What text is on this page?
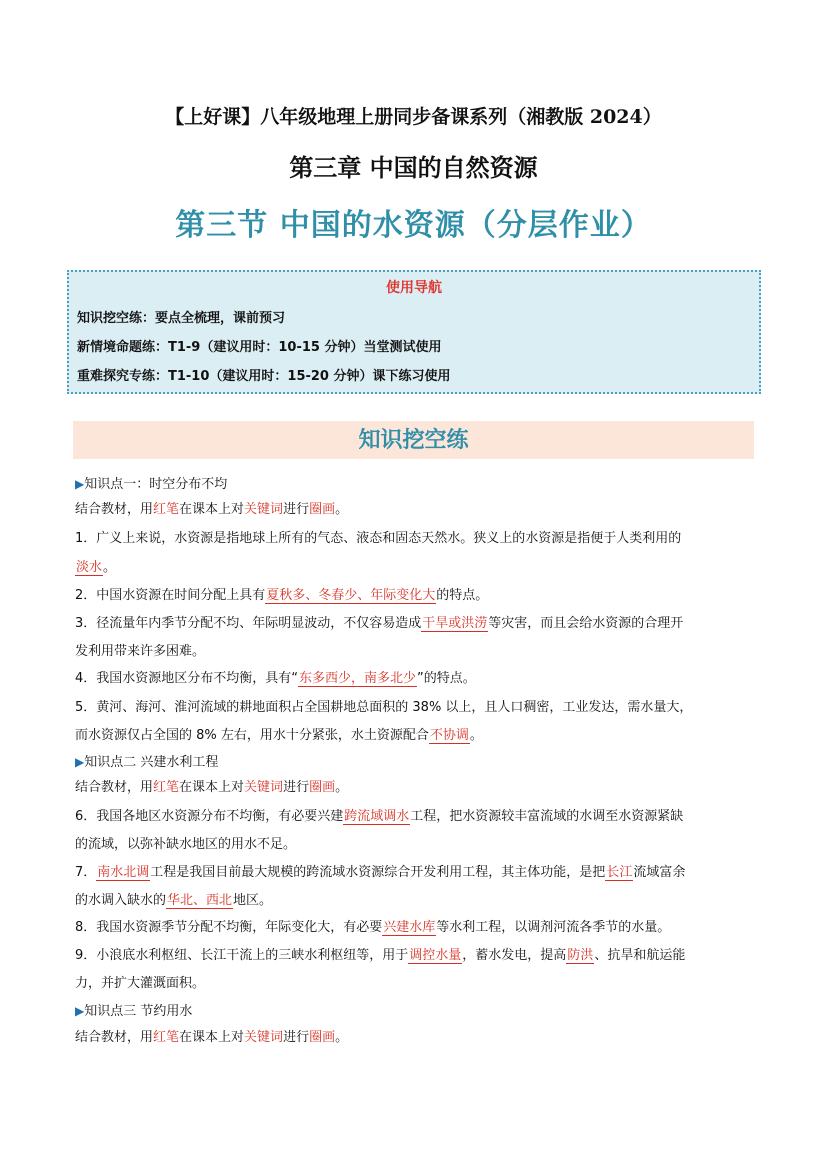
【上好课】八年级地理上册同步备课系列（湘教版 2024）
第三章 中国的自然资源
第三节 中国的水资源（分层作业）
使用导航
知识挖空练：要点全梳理，课前预习
新情境命题练：T1-9（建议用时：10-15 分钟）当堂测试使用
重难探究专练：T1-10（建议用时：15-20 分钟）课下练习使用
知识挖空练
▶知识点一：时空分布不均
结合教材，用红笔在课本上对关键词进行圈画。
1．广义上来说，水资源是指地球上所有的气态、液态和固态天然水。狭义上的水资源是指便于人类利用的
淡水。
2．中国水资源在时间分配上具有夏秋多、冬春少、年际变化大的特点。
3．径流量年内季节分配不均、年际明显波动，不仅容易造成干旱或洪涝等灾害，而且会给水资源的合理开
发利用带来许多困难。
4．我国水资源地区分布不均衡，具有“东多西少，南多北少”的特点。
5．黄河、海河、淮河流域的耕地面积占全国耕地总面积的 38% 以上，且人口稠密，工业发达，需水量大，
而水资源仅占全国的 8% 左右，用水十分紧张，水土资源配合不协调。
▶知识点二 兴建水利工程
结合教材，用红笔在课本上对关键词进行圈画。
6．我国各地区水资源分布不均衡，有必要兴建跨流域调水工程，把水资源较丰富流域的水调至水资源紧缺
的流域，以弥补缺水地区的用水不足。
7．南水北调工程是我国目前最大规模的跨流域水资源综合开发利用工程，其主体功能，是把长江流域富余
的水调入缺水的华北、西北地区。
8．我国水资源季节分配不均衡，年际变化大，有必要兴建水库等水利工程，以调剂河流各季节的水量。
9．小浪底水利枢纽、长江干流上的三峡水利枢纽等，用于调控水量，蓄水发电，提高防洪、抗旱和航运能
力，并扩大灌溉面积。
▶知识点三 节约用水
结合教材，用红笔在课本上对关键词进行圈画。
